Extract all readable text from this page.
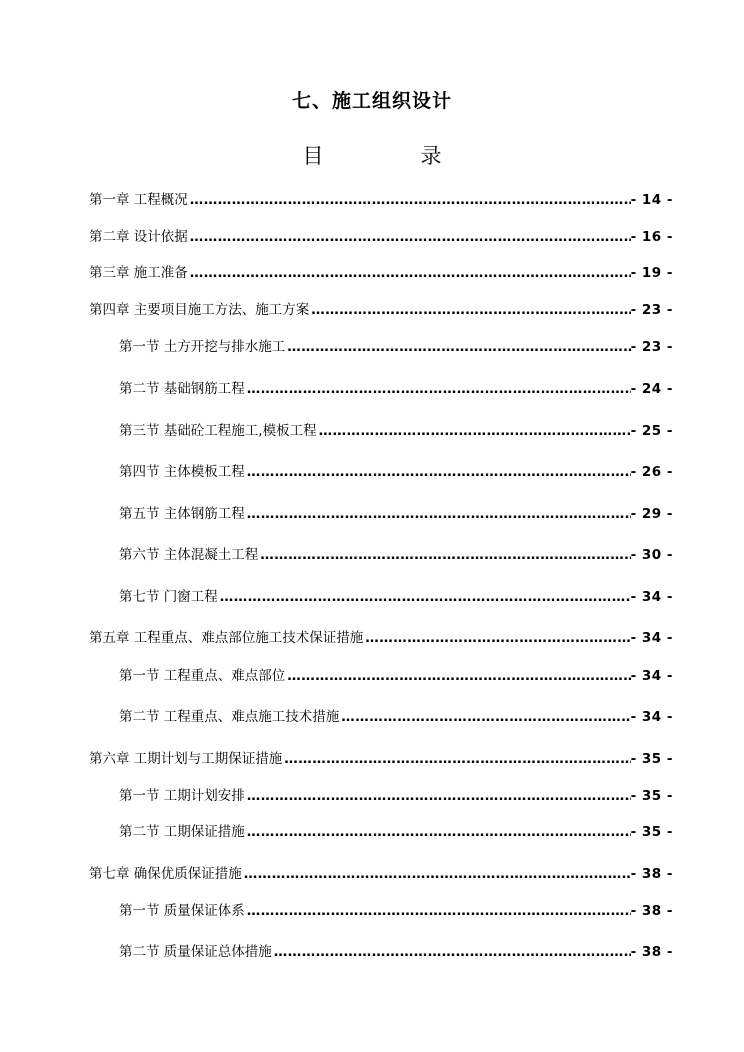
七、施工组织设计
目　录
第一章 工程概况 …………………………………………………………………………………………………………………………………………………………………………………………………………………………………………	- 14 -
第二章 设计依据 …………………………………………………………………………………………………………………………………………………………………………………………………………………………………………	- 16 -
第三章 施工准备 …………………………………………………………………………………………………………………………………………………………………………………………………………………………………………	- 19 -
第四章 主要项目施工方法、施工方案 …………………………………………………………………………………………………………………………………………………………………………………………………………………………………………	- 23 -
第一节 土方开挖与排水施工 …………………………………………………………………………………………………………………………………………………………………………………………………………………………………………	- 23 -
第二节 基础钢筋工程 …………………………………………………………………………………………………………………………………………………………………………………………………………………………………………	- 24 -
第三节 基础砼工程施工,模板工程 …………………………………………………………………………………………………………………………………………………………………………………………………………………………………………	- 25 -
第四节 主体模板工程 …………………………………………………………………………………………………………………………………………………………………………………………………………………………………………	- 26 -
第五节 主体钢筋工程 …………………………………………………………………………………………………………………………………………………………………………………………………………………………………………	- 29 -
第六节 主体混凝土工程 …………………………………………………………………………………………………………………………………………………………………………………………………………………………………………	- 30 -
第七节 门窗工程 …………………………………………………………………………………………………………………………………………………………………………………………………………………………………………	- 34 -
第五章 工程重点、难点部位施工技术保证措施 …………………………………………………………………………………………………………………………………………………………………………………………………………………………………………	- 34 -
第一节 工程重点、难点部位 …………………………………………………………………………………………………………………………………………………………………………………………………………………………………………	- 34 -
第二节 工程重点、难点施工技术措施 …………………………………………………………………………………………………………………………………………………………………………………………………………………………………………	- 34 -
第六章 工期计划与工期保证措施 …………………………………………………………………………………………………………………………………………………………………………………………………………………………………………	- 35 -
第一节 工期计划安排 …………………………………………………………………………………………………………………………………………………………………………………………………………………………………………	- 35 -
第二节 工期保证措施 …………………………………………………………………………………………………………………………………………………………………………………………………………………………………………	- 35 -
第七章 确保优质保证措施 …………………………………………………………………………………………………………………………………………………………………………………………………………………………………………	- 38 -
第一节 质量保证体系 …………………………………………………………………………………………………………………………………………………………………………………………………………………………………………	- 38 -
第二节 质量保证总体措施 …………………………………………………………………………………………………………………………………………………………………………………………………………………………………………	- 38 -
